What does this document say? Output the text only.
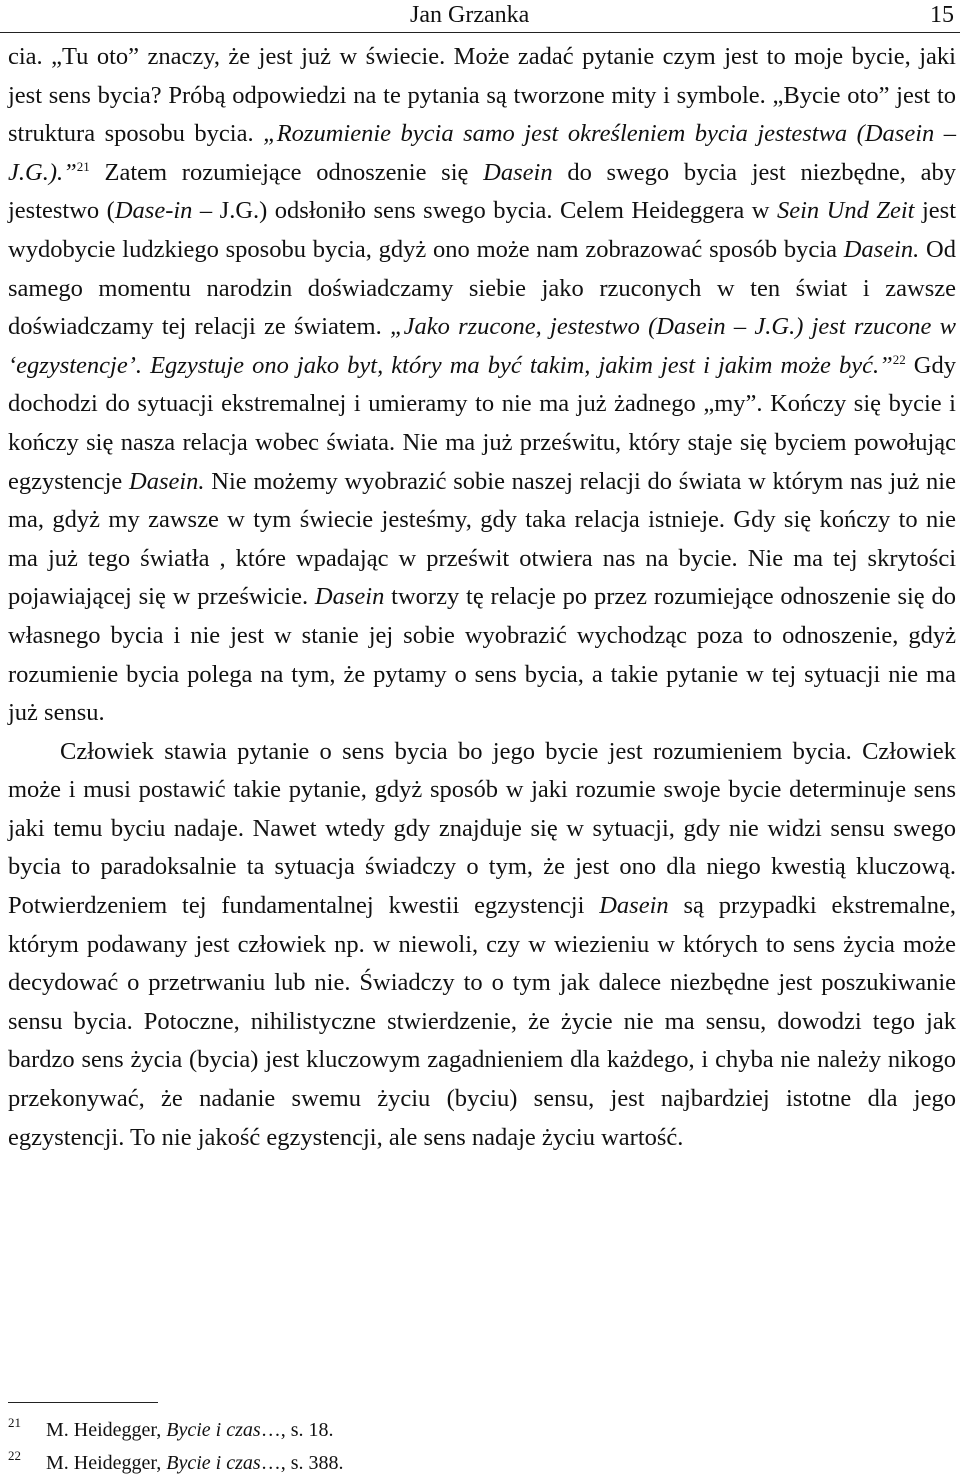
Jan Grzanka	15

cia. „Tu oto” znaczy, że jest już w świecie. Może zadać pytanie czym jest to moje bycie, jaki jest sens bycia? Próbą odpowiedzi na te pytania są tworzone mity i symbole. „Bycie oto” jest to struktura sposobu bycia. „Rozumienie bycia samo jest określeniem bycia jestestwa (Dasein – J.G.).”$^{21}$ Zatem rozumiejące odnoszenie się Dasein do swego bycia jest niezbędne, aby jestestwo (Dase-in – J.G.) odsłoniło sens swego bycia. Celem Heideggera w Sein Und Zeit jest wydobycie ludzkiego sposobu bycia, gdyż ono może nam zobrazować sposób bycia Dasein. Od samego momentu narodzin doświadczamy siebie jako rzuconych w ten świat i zawsze doświadczamy tej relacji ze światem. „Jako rzucone, jestestwo (Dasein – J.G.) jest rzucone w ‘egzystencje’. Egzystuje ono jako byt, który ma być takim, jakim jest i jakim może być.”$^{22}$ Gdy dochodzi do sytuacji ekstremalnej i umieramy to nie ma już żadnego „my”. Kończy się bycie i kończy się nasza relacja wobec świata. Nie ma już prześwitu, który staje się byciem powołując egzystencje Dasein. Nie możemy wyobrazić sobie naszej relacji do świata w którym nas już nie ma, gdyż my zawsze w tym świecie jesteśmy, gdy taka relacja istnieje. Gdy się kończy to nie ma już tego światła , które wpadając w prześwit otwiera nas na bycie. Nie ma tej skrytości pojawiającej się w prześwicie. Dasein tworzy tę relacje po przez rozumiejące odnoszenie się do własnego bycia i nie jest w stanie jej sobie wyobrazić wychodząc poza to odnoszenie, gdyż rozumienie bycia polega na tym, że pytamy o sens bycia, a takie pytanie w tej sytuacji nie ma już sensu.

Człowiek stawia pytanie o sens bycia bo jego bycie jest rozumieniem bycia. Człowiek może i musi postawić takie pytanie, gdyż sposób w jaki rozumie swoje bycie determinuje sens jaki temu byciu nadaje. Nawet wtedy gdy znajduje się w sytuacji, gdy nie widzi sensu swego bycia to paradoksalnie ta sytuacja świadczy o tym, że jest ono dla niego kwestią kluczową. Potwierdzeniem tej fundamentalnej kwestii egzystencji Dasein są przypadki ekstremalne, którym podawany jest człowiek np. w niewoli, czy w wiezieniu w których to sens życia może decydować o przetrwaniu lub nie. Świadczy to o tym jak dalece niezbędne jest poszukiwanie sensu bycia. Potoczne, nihilistyczne stwierdzenie, że życie nie ma sensu, dowodzi tego jak bardzo sens życia (bycia) jest kluczowym zagadnieniem dla każdego, i chyba nie należy nikogo przekonywać, że nadanie swemu życiu (byciu) sensu, jest najbardziej istotne dla jego egzystencji. To nie jakość egzystencji, ale sens nadaje życiu wartość.

21	M. Heidegger, Bycie i czas…, s. 18.
22	M. Heidegger, Bycie i czas…, s. 388.
